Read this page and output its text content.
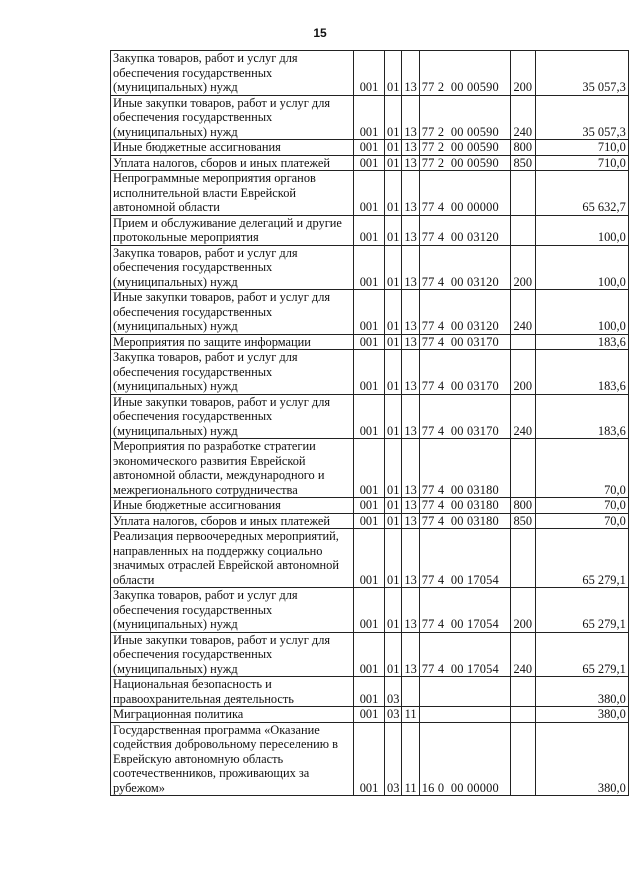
15
Закупка товаров, работ и услуг для обеспечения государственных (муниципальных) нужд	001	01	13	77 2  00 00590	200	35 057,3
Иные закупки товаров, работ и услуг для обеспечения государственных (муниципальных) нужд	001	01	13	77 2  00 00590	240	35 057,3
Иные бюджетные ассигнования	001	01	13	77 2  00 00590	800	710,0
Уплата налогов, сборов и иных платежей	001	01	13	77 2  00 00590	850	710,0
Непрограммные мероприятия органов исполнительной власти Еврейской автономной области	001	01	13	77 4  00 00000		65 632,7
Прием и обслуживание делегаций и другие протокольные мероприятия	001	01	13	77 4  00 03120		100,0
Закупка товаров, работ и услуг для обеспечения государственных (муниципальных) нужд	001	01	13	77 4  00 03120	200	100,0
Иные закупки товаров, работ и услуг для обеспечения государственных (муниципальных) нужд	001	01	13	77 4  00 03120	240	100,0
Мероприятия по защите информации	001	01	13	77 4  00 03170		183,6
Закупка товаров, работ и услуг для обеспечения государственных (муниципальных) нужд	001	01	13	77 4  00 03170	200	183,6
Иные закупки товаров, работ и услуг для обеспечения государственных (муниципальных) нужд	001	01	13	77 4  00 03170	240	183,6
Мероприятия по разработке стратегии экономического развития Еврейской автономной области, международного и межрегионального сотрудничества	001	01	13	77 4  00 03180		70,0
Иные бюджетные ассигнования	001	01	13	77 4  00 03180	800	70,0
Уплата налогов, сборов и иных платежей	001	01	13	77 4  00 03180	850	70,0
Реализация первоочередных мероприятий, направленных на поддержку социально значимых отраслей Еврейской автономной области	001	01	13	77 4  00 17054		65 279,1
Закупка товаров, работ и услуг для обеспечения государственных (муниципальных) нужд	001	01	13	77 4  00 17054	200	65 279,1
Иные закупки товаров, работ и услуг для обеспечения государственных (муниципальных) нужд	001	01	13	77 4  00 17054	240	65 279,1
Национальная безопасность и правоохранительная деятельность	001	03				380,0
Миграционная политика	001	03	11			380,0
Государственная программа «Оказание содействия добровольному переселению в Еврейскую автономную область соотечественников, проживающих за рубежом»	001	03	11	16 0  00 00000		380,0
